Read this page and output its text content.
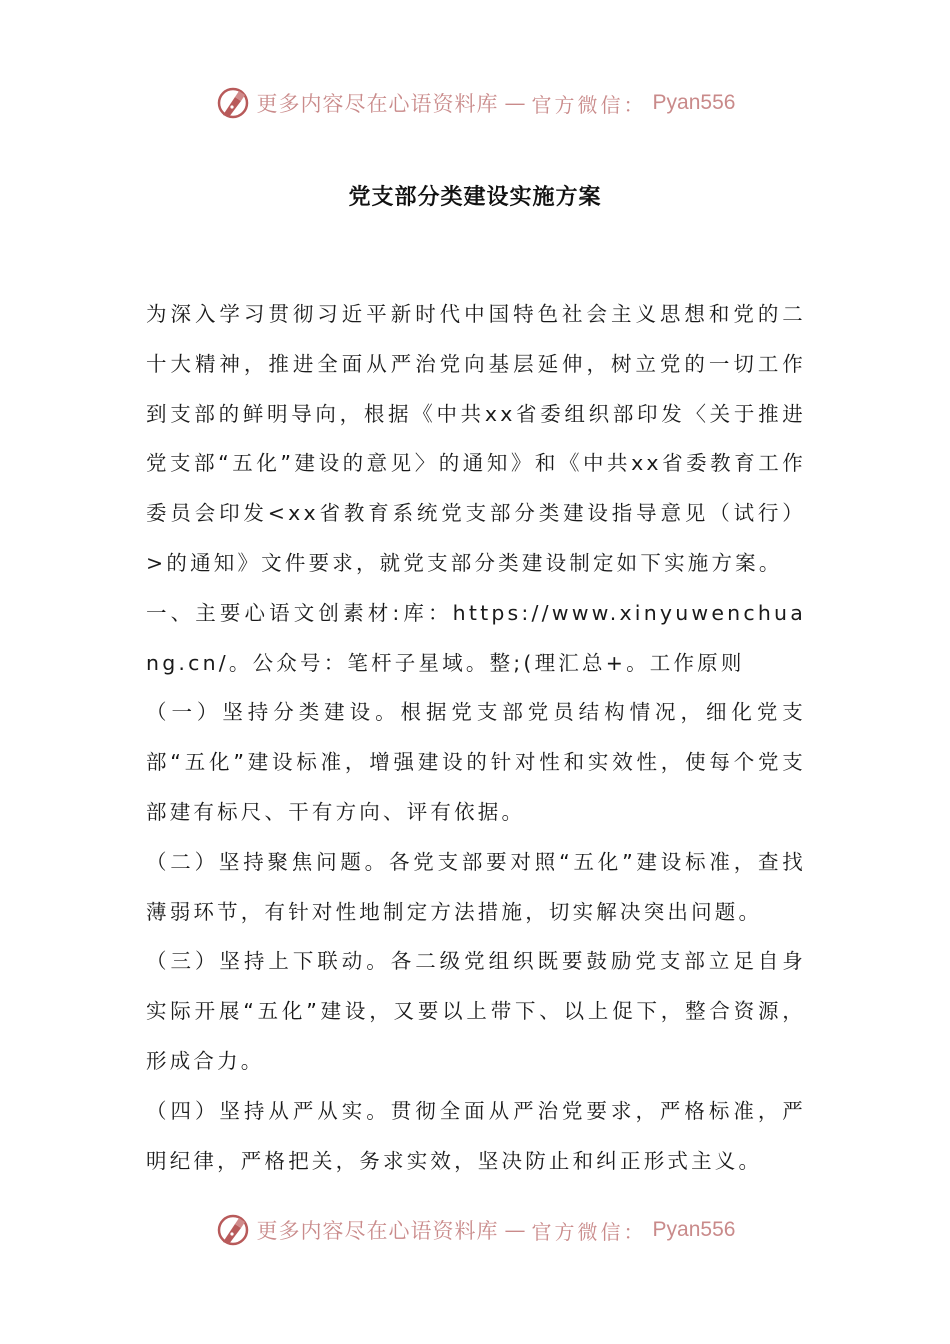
更多内容尽在心语资料库 — 官方微信： Pyan556
党支部分类建设实施方案

为深入学习贯彻习近平新时代中国特色社会主义思想和党的二十大精神，推进全面从严治党向基层延伸，树立党的一切工作到支部的鲜明导向，根据《中共xx省委组织部印发〈关于推进党支部“五化”建设的意见〉的通知》和《中共xx省委教育工作委员会印发<xx省教育系统党支部分类建设指导意见（试行）>的通知》文件要求，就党支部分类建设制定如下实施方案。

一、主要心语文创素材:库：https://www.xinyuwenchuang.cn/。公众号：笔杆子星域。整;(理汇总+。工作原则

（一）坚持分类建设。根据党支部党员结构情况，细化党支部“五化”建设标准，增强建设的针对性和实效性，使每个党支部建有标尺、干有方向、评有依据。

（二）坚持聚焦问题。各党支部要对照“五化”建设标准，查找薄弱环节，有针对性地制定方法措施，切实解决突出问题。

（三）坚持上下联动。各二级党组织既要鼓励党支部立足自身实际开展“五化”建设，又要以上带下、以上促下，整合资源，形成合力。

（四）坚持从严从实。贯彻全面从严治党要求，严格标准，严明纪律，严格把关，务求实效，坚决防止和纠正形式主义。

更多内容尽在心语资料库 — 官方微信： Pyan556
